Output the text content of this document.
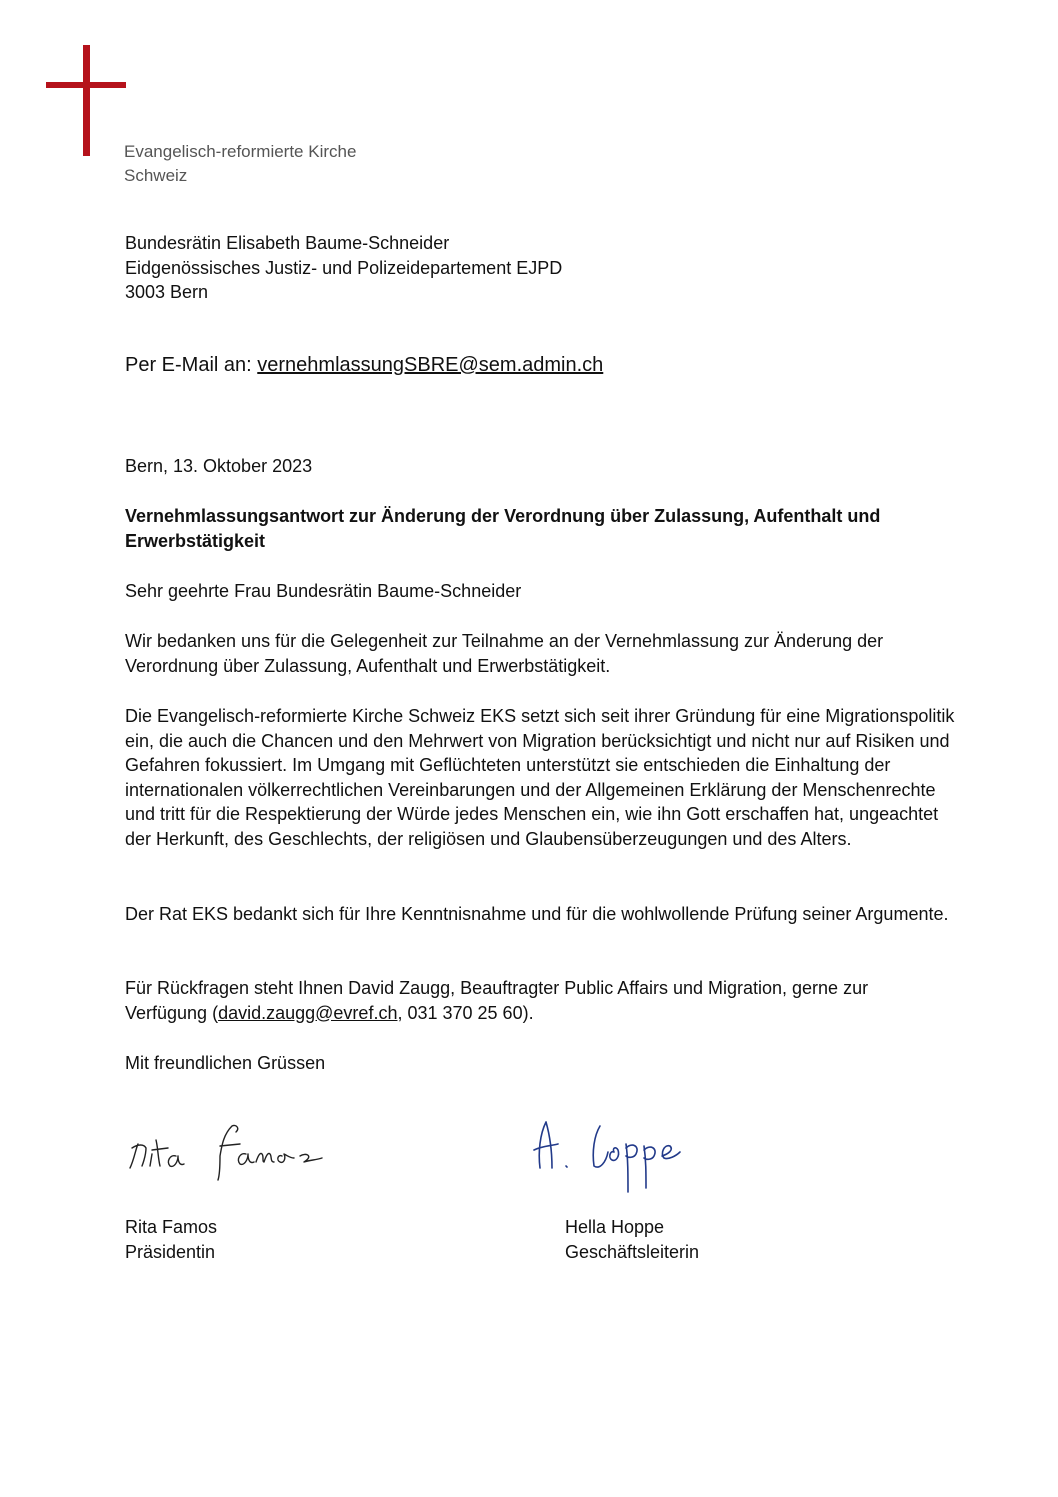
Evangelisch-reformierte Kirche
Schweiz
Bundesrätin Elisabeth Baume-Schneider
Eidgenössisches Justiz- und Polizeidepartement EJPD
3003 Bern
Per E-Mail an: vernehmlassungSBRE@sem.admin.ch
Bern, 13. Oktober 2023
Vernehmlassungsantwort zur Änderung der Verordnung über Zulassung, Aufenthalt und Erwerbstätigkeit
Sehr geehrte Frau Bundesrätin Baume-Schneider
Wir bedanken uns für die Gelegenheit zur Teilnahme an der Vernehmlassung zur Änderung der Verordnung über Zulassung, Aufenthalt und Erwerbstätigkeit.
Die Evangelisch-reformierte Kirche Schweiz EKS setzt sich seit ihrer Gründung für eine Migrationspolitik ein, die auch die Chancen und den Mehrwert von Migration berücksichtigt und nicht nur auf Risiken und Gefahren fokussiert. Im Umgang mit Geflüchteten unterstützt sie entschieden die Einhaltung der internationalen völkerrechtlichen Vereinbarungen und der Allgemeinen Erklärung der Menschenrechte und tritt für die Respektierung der Würde jedes Menschen ein, wie ihn Gott erschaffen hat, ungeachtet der Herkunft, des Geschlechts, der religiösen und Glaubensüberzeugungen und des Alters.
Der Rat EKS bedankt sich für Ihre Kenntnisnahme und für die wohlwollende Prüfung seiner Argumente.
Für Rückfragen steht Ihnen David Zaugg, Beauftragter Public Affairs und Migration, gerne zur Verfügung (david.zaugg@evref.ch, 031 370 25 60).
Mit freundlichen Grüssen
Rita Famos
Präsidentin
Hella Hoppe
Geschäftsleiterin
